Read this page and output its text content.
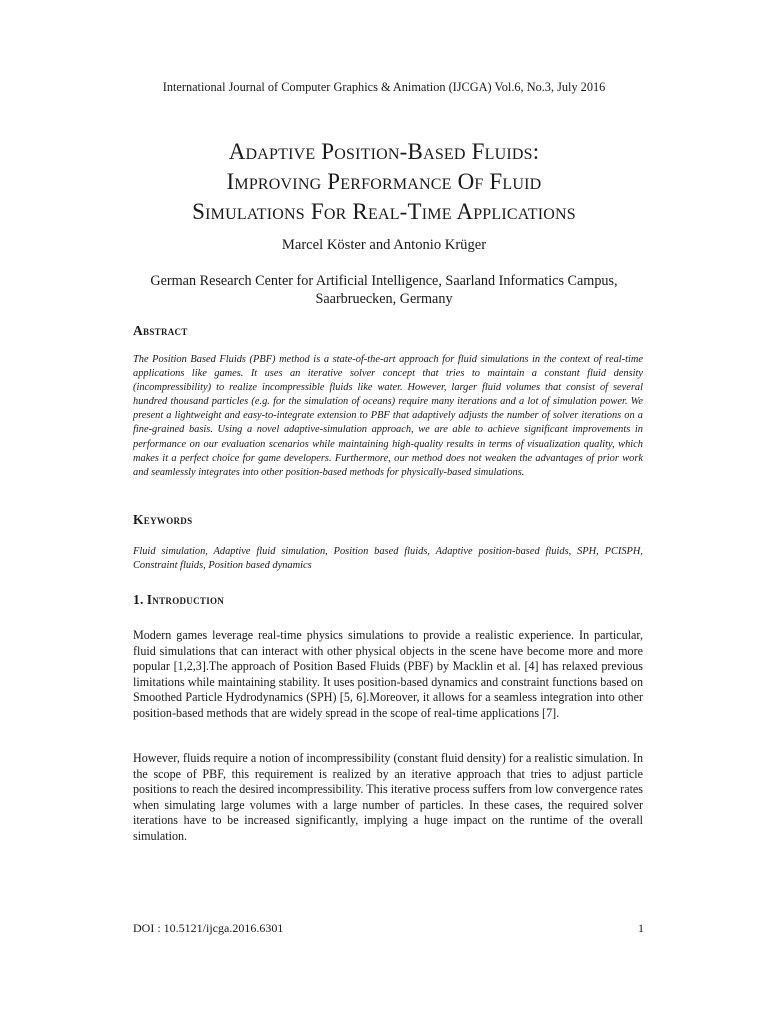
International Journal of Computer Graphics & Animation (IJCGA) Vol.6, No.3, July 2016
Adaptive Position-Based Fluids:
Improving Performance Of Fluid
Simulations For Real-Time Applications
Marcel Köster and Antonio Krüger
German Research Center for Artificial Intelligence, Saarland Informatics Campus,
Saarbruecken, Germany
Abstract
The Position Based Fluids (PBF) method is a state-of-the-art approach for fluid simulations in the context of real-time applications like games. It uses an iterative solver concept that tries to maintain a constant fluid density (incompressibility) to realize incompressible fluids like water. However, larger fluid volumes that consist of several hundred thousand particles (e.g. for the simulation of oceans) require many iterations and a lot of simulation power. We present a lightweight and easy-to-integrate extension to PBF that adaptively adjusts the number of solver iterations on a fine-grained basis. Using a novel adaptive-simulation approach, we are able to achieve significant improvements in performance on our evaluation scenarios while maintaining high-quality results in terms of visualization quality, which makes it a perfect choice for game developers. Furthermore, our method does not weaken the advantages of prior work and seamlessly integrates into other position-based methods for physically-based simulations.
Keywords
Fluid simulation, Adaptive fluid simulation, Position based fluids, Adaptive position-based fluids, SPH, PCISPH, Constraint fluids, Position based dynamics
1. Introduction
Modern games leverage real-time physics simulations to provide a realistic experience. In particular, fluid simulations that can interact with other physical objects in the scene have become more and more popular [1,2,3].The approach of Position Based Fluids (PBF) by Macklin et al. [4] has relaxed previous limitations while maintaining stability. It uses position-based dynamics and constraint functions based on Smoothed Particle Hydrodynamics (SPH) [5, 6].Moreover, it allows for a seamless integration into other position-based methods that are widely spread in the scope of real-time applications [7].
However, fluids require a notion of incompressibility (constant fluid density) for a realistic simulation. In the scope of PBF, this requirement is realized by an iterative approach that tries to adjust particle positions to reach the desired incompressibility. This iterative process suffers from low convergence rates when simulating large volumes with a large number of particles. In these cases, the required solver iterations have to be increased significantly, implying a huge impact on the runtime of the overall simulation.
DOI : 10.5121/ijcga.2016.6301	1
